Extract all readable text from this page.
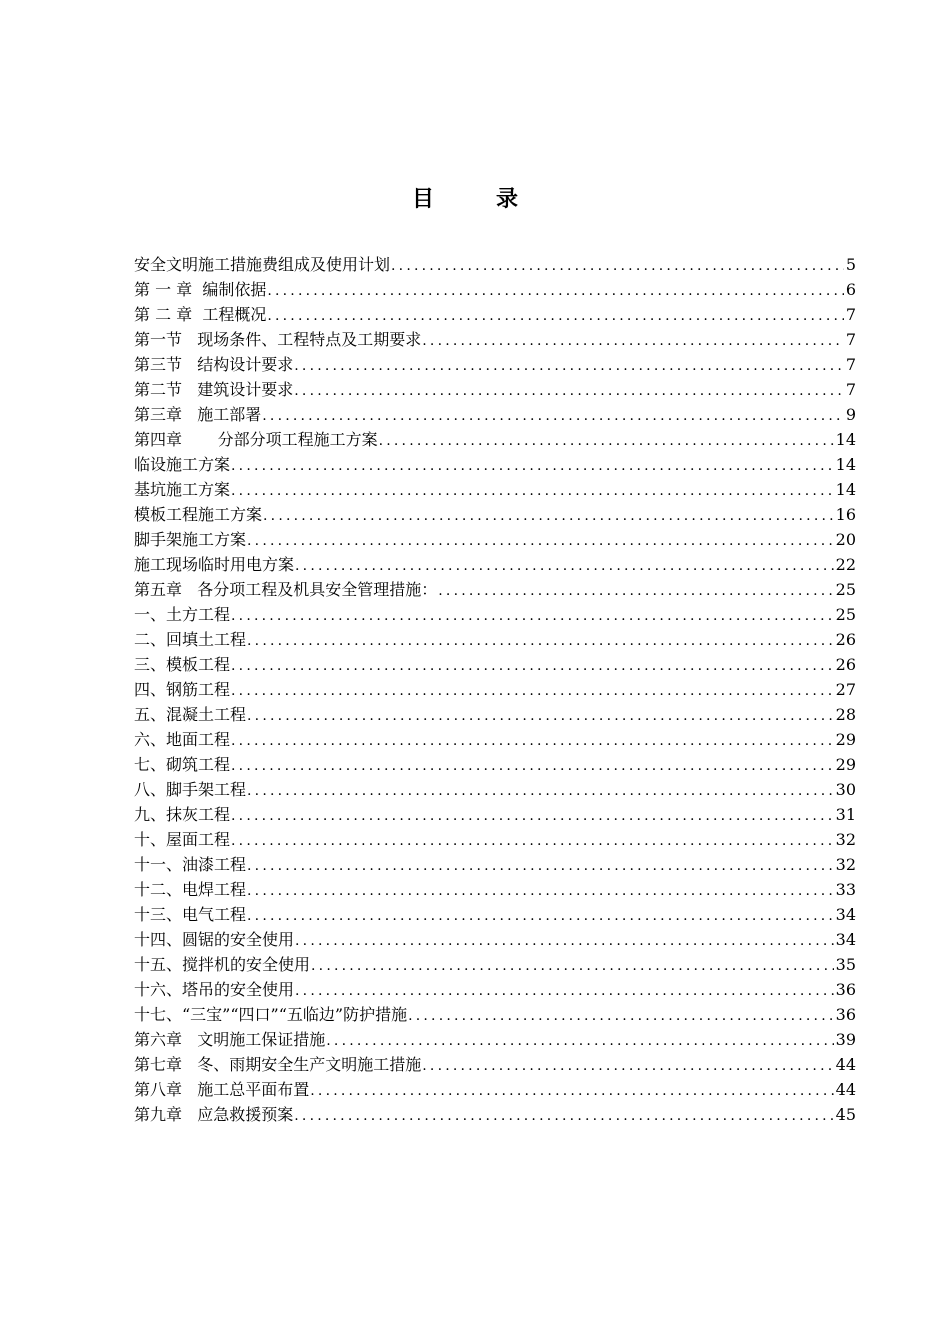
目　录
安全文明施工措施费组成及使用计划 .....	5
第 一 章  编制依据 .....	6
第 二 章  工程概况 .....	7
第一节   现场条件、工程特点及工期要求 .....	7
第三节   结构设计要求 .....	7
第二节   建筑设计要求 .....	7
第三章   施工部署 .....	9
第四章       分部分项工程施工方案 .....	14
临设施工方案 .....	14
基坑施工方案 .....	14
模板工程施工方案 .....	16
脚手架施工方案 .....	20
施工现场临时用电方案 .....	22
第五章   各分项工程及机具安全管理措施： .....	25
一、土方工程 .....	25
二、回填土工程 .....	26
三、模板工程 .....	26
四、钢筋工程 .....	27
五、混凝土工程 .....	28
六、地面工程 .....	29
七、砌筑工程 .....	29
八、脚手架工程 .....	30
九、抹灰工程 .....	31
十、屋面工程 .....	32
十一、油漆工程 .....	32
十二、电焊工程 .....	33
十三、电气工程 .....	34
十四、圆锯的安全使用 .....	34
十五、搅拌机的安全使用 .....	35
十六、塔吊的安全使用 .....	36
十七、“三宝”“四口”“五临边”防护措施 .....	36
第六章   文明施工保证措施 .....	39
第七章   冬、雨期安全生产文明施工措施 .....	44
第八章   施工总平面布置 .....	44
第九章   应急救援预案 .....	45
